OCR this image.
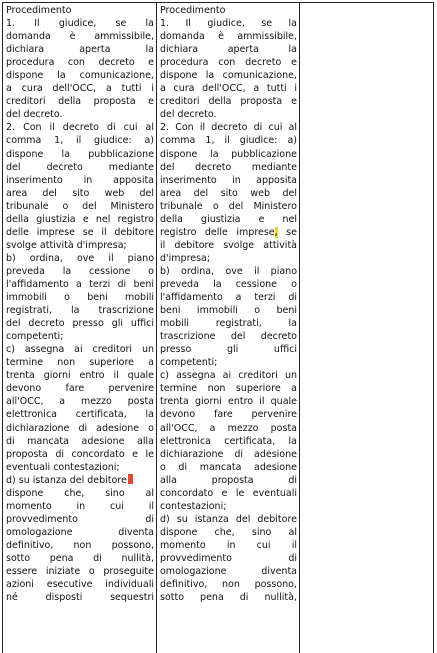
Procedimento
1. Il giudice, se la
domanda è ammissibile,
dichiara aperta la
procedura con decreto e
dispone la comunicazione,
a cura dell'OCC, a tutti i
creditori della proposta e
del decreto.
2. Con il decreto di cui al
comma 1, il giudice: a)
dispone la pubblicazione
del decreto mediante
inserimento in apposita
area del sito web del
tribunale o del Ministero
della giustizia e nel registro
delle imprese se il debitore
svolge attività d'impresa;
b) ordina, ove il piano
preveda la cessione o
l'affidamento a terzi di beni
immobili o beni mobili
registrati, la trascrizione
del decreto presso gli uffici
competenti;
c) assegna ai creditori un
termine non superiore a
trenta giorni entro il quale
devono fare pervenire
all'OCC, a mezzo posta
elettronica certificata, la
dichiarazione di adesione o
di mancata adesione alla
proposta di concordato e le
eventuali contestazioni;
d) su istanza del debitore
dispone che, sino al
momento in cui il
provvedimento di
omologazione diventa
definitivo, non possono,
sotto pena di nullità,
essere iniziate o proseguite
azioni esecutive individuali
né disposti sequestri
Procedimento
1. Il giudice, se la
domanda è ammissibile,
dichiara aperta la
procedura con decreto e
dispone la comunicazione,
a cura dell'OCC, a tutti i
creditori della proposta e
del decreto.
2. Con il decreto di cui al
comma 1, il giudice: a)
dispone la pubblicazione
del decreto mediante
inserimento in apposita
area del sito web del
tribunale o del Ministero
della giustizia e nel
registro delle imprese, se
il debitore svolge attività
d'impresa;
b) ordina, ove il piano
preveda la cessione o
l'affidamento a terzi di
beni immobili o beni
mobili registrati, la
trascrizione del decreto
presso gli uffici
competenti;
c) assegna ai creditori un
termine non superiore a
trenta giorni entro il quale
devono fare pervenire
all'OCC, a mezzo posta
elettronica certificata, la
dichiarazione di adesione
o di mancata adesione
alla proposta di
concordato e le eventuali
contestazioni;
d) su istanza del debitore
dispone che, sino al
momento in cui il
provvedimento di
omologazione diventa
definitivo, non possono,
sotto pena di nullità,
